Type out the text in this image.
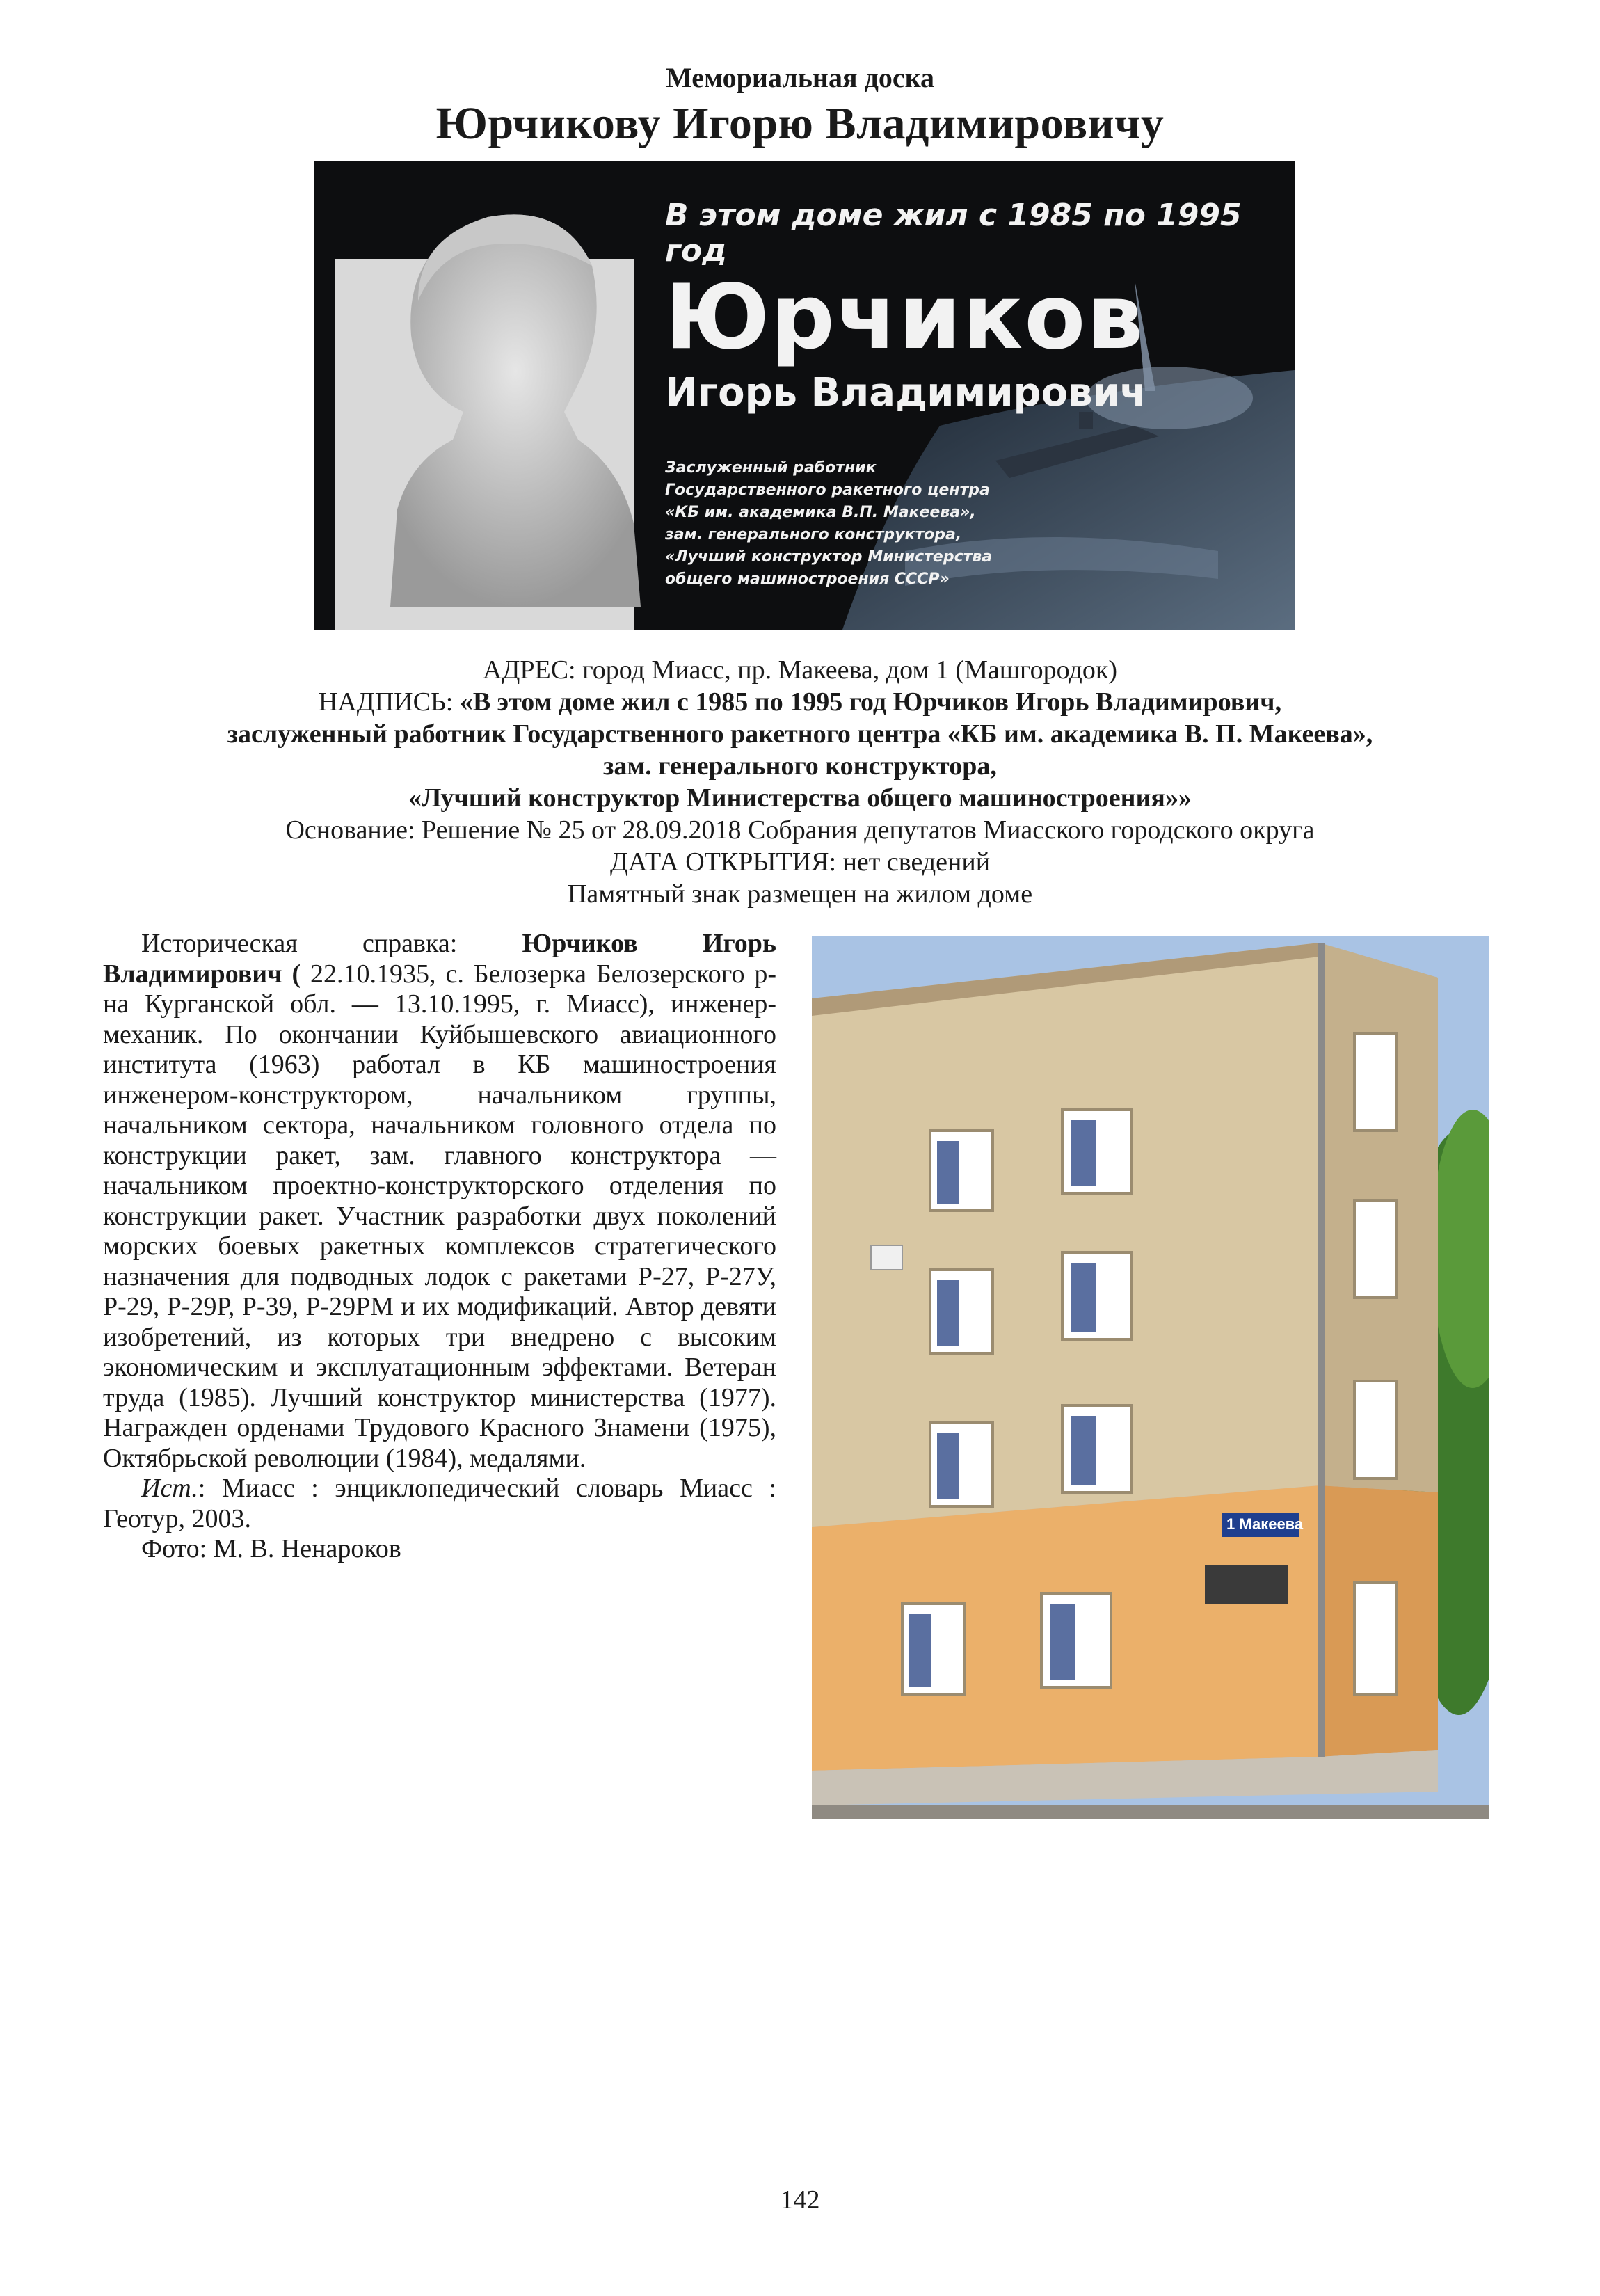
Мемориальная доска
Юрчикову Игорю Владимировичу
В этом доме жил с 1985 по 1995 год
Юрчиков
Игорь Владимирович
Заслуженный работник
Государственного ракетного центра
«КБ им. академика В.П. Макеева»,
зам. генерального конструктора,
«Лучший конструктор Министерства
общего машиностроения СССР»
АДРЕС: город Миасс, пр. Макеева, дом 1 (Машгородок)
НАДПИСЬ: «В этом доме жил с 1985 по 1995 год Юрчиков Игорь Владимирович,
заслуженный работник Государственного ракетного центра «КБ им. академика В. П. Макеева»,
зам. генерального конструктора,
«Лучший конструктор Министерства общего машиностроения»»
Основание: Решение № 25 от 28.09.2018 Собрания депутатов Миасского городского округа
ДАТА ОТКРЫТИЯ: нет сведений
Памятный знак размещен на жилом доме

Историческая справка: Юрчиков Игорь Владимирович ( 22.10.1935, с. Белозерка Белозерского р-на Курганской обл. — 13.10.1995, г. Миасс), инженер-механик. По окончании Куйбышевского авиационного института (1963) работал в КБ машиностроения инженером-конструктором, начальником группы, начальником сектора, начальником головного отдела по конструкции ракет, зам. главного конструктора — начальником проектно-конструкторского отделения по конструкции ракет. Участник разработки двух поколений морских боевых ракетных комплексов стратегического назначения для подводных лодок с ракетами Р-27, Р-27У, Р-29, Р-29Р, Р-39, Р-29РМ и их модификаций. Автор девяти изобретений, из которых три внедрено с высоким экономическим и эксплуатационным эффектами. Ветеран труда (1985). Лучший конструктор министерства (1977). Награжден орденами Трудового Красного Знамени (1975), Октябрьской революции (1984), медалями.

Ист.: Миасс : энциклопедический словарь Миасс : Геотур, 2003.

Фото: М. В. Ненароков

1 Макеева
142
